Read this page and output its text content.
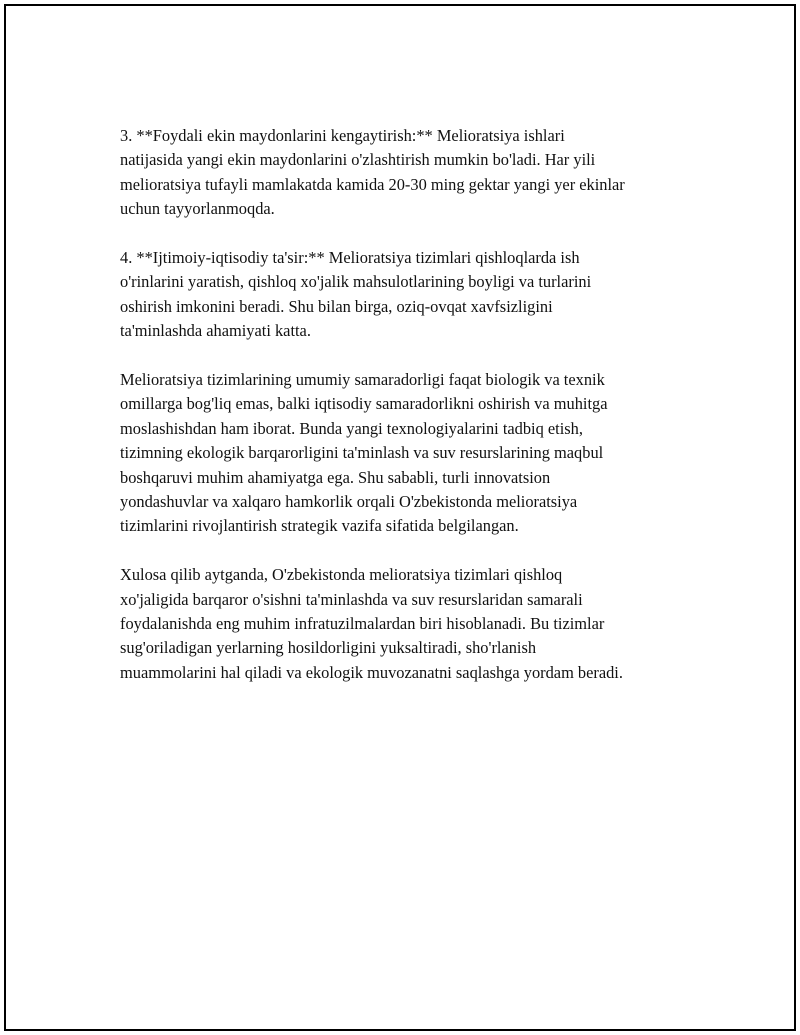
3. **Foydali ekin maydonlarini kengaytirish:** Melioratsiya ishlari
natijasida yangi ekin maydonlarini o'zlashtirish mumkin bo'ladi. Har yili
melioratsiya tufayli mamlakatda kamida 20-30 ming gektar yangi yer ekinlar
uchun tayyorlanmoqda.

4. **Ijtimoiy-iqtisodiy ta'sir:** Melioratsiya tizimlari qishloqlarda ish
o'rinlarini yaratish, qishloq xo'jalik mahsulotlarining boyligi va turlarini
oshirish imkonini beradi. Shu bilan birga, oziq-ovqat xavfsizligini
ta'minlashda ahamiyati katta.

Melioratsiya tizimlarining umumiy samaradorligi faqat biologik va texnik
omillarga bog'liq emas, balki iqtisodiy samaradorlikni oshirish va muhitga
moslashishdan ham iborat. Bunda yangi texnologiyalarini tadbiq etish,
tizimning ekologik barqarorligini ta'minlash va suv resurslarining maqbul
boshqaruvi muhim ahamiyatga ega. Shu sababli, turli innovatsion
yondashuvlar va xalqaro hamkorlik orqali O'zbekistonda melioratsiya
tizimlarini rivojlantirish strategik vazifa sifatida belgilangan.

Xulosa qilib aytganda, O'zbekistonda melioratsiya tizimlari qishloq
xo'jaligida barqaror o'sishni ta'minlashda va suv resurslaridan samarali
foydalanishda eng muhim infratuzilmalardan biri hisoblanadi. Bu tizimlar
sug'oriladigan yerlarning hosildorligini yuksaltiradi, sho'rlanish
muammolarini hal qiladi va ekologik muvozanatni saqlashga yordam beradi.
